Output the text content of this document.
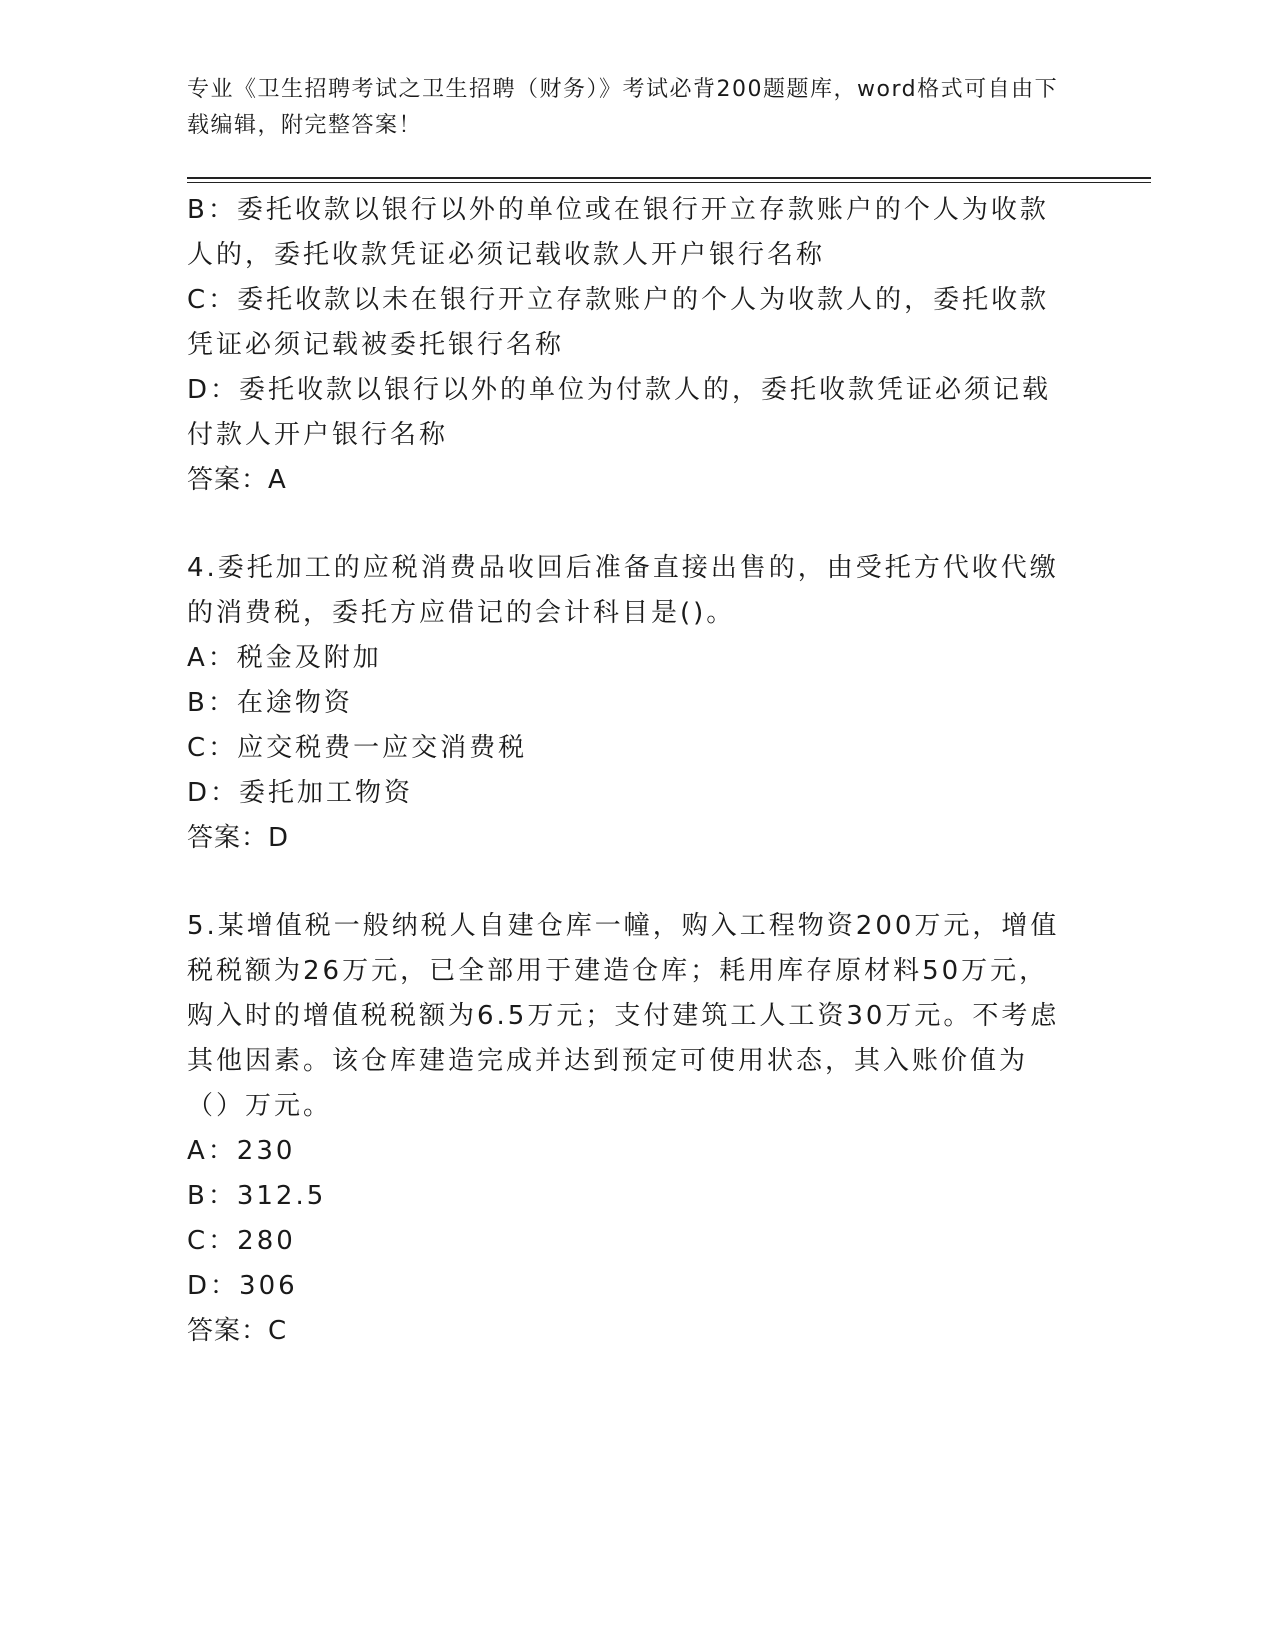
专业《卫生招聘考试之卫生招聘（财务）》考试必背200题题库，word格式可自由下载编辑，附完整答案！

B：委托收款以银行以外的单位或在银行开立存款账户的个人为收款人的，委托收款凭证必须记载收款人开户银行名称

C：委托收款以未在银行开立存款账户的个人为收款人的，委托收款凭证必须记载被委托银行名称

D：委托收款以银行以外的单位为付款人的，委托收款凭证必须记载付款人开户银行名称

答案：A

4.委托加工的应税消费品收回后准备直接出售的，由受托方代收代缴的消费税，委托方应借记的会计科目是()。

A：税金及附加

B：在途物资

C：应交税费一应交消费税

D：委托加工物资

答案：D

5.某增值税一般纳税人自建仓库一幢，购入工程物资200万元，增值税税额为26万元，已全部用于建造仓库；耗用库存原材料50万元，购入时的增值税税额为6.5万元；支付建筑工人工资30万元。不考虑其他因素。该仓库建造完成并达到预定可使用状态，其入账价值为（）万元。

A：230

B：312.5

C：280

D：306

答案：C
